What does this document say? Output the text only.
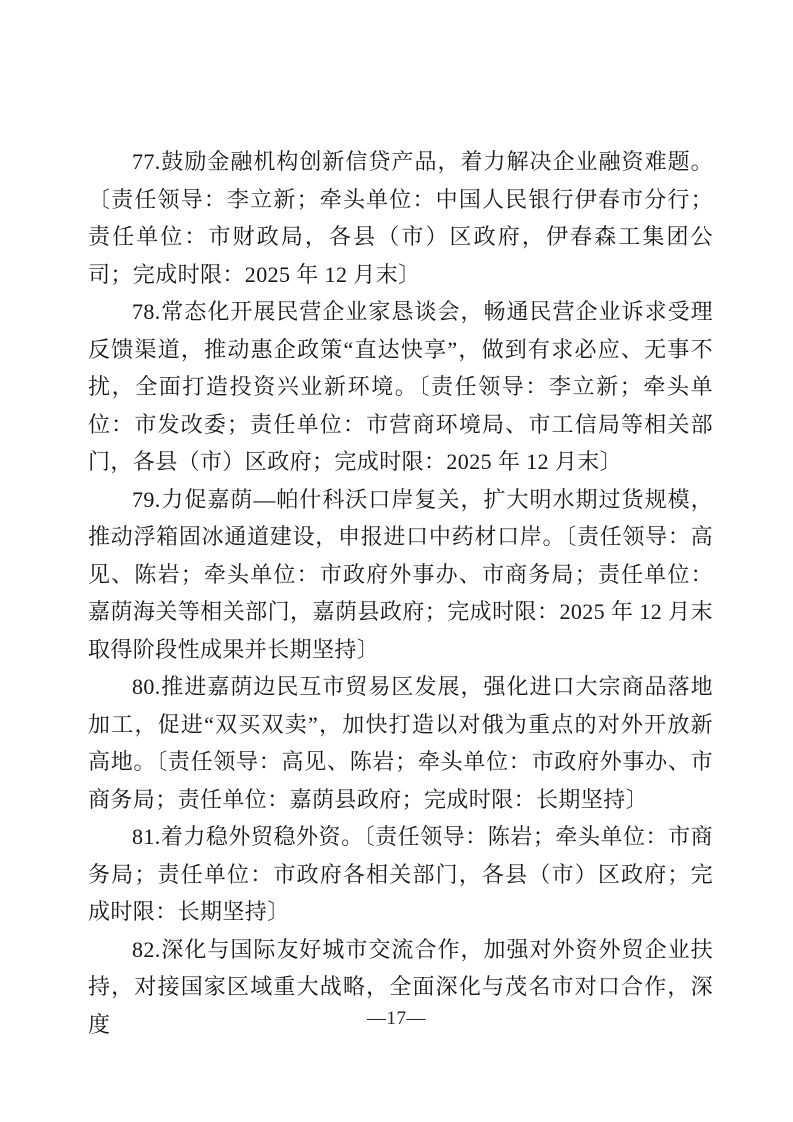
77.鼓励金融机构创新信贷产品，着力解决企业融资难题。〔责任领导：李立新；牵头单位：中国人民银行伊春市分行；责任单位：市财政局，各县（市）区政府，伊春森工集团公司；完成时限：2025 年 12 月末〕

78.常态化开展民营企业家恳谈会，畅通民营企业诉求受理反馈渠道，推动惠企政策“直达快享”，做到有求必应、无事不扰，全面打造投资兴业新环境。〔责任领导：李立新；牵头单位：市发改委；责任单位：市营商环境局、市工信局等相关部门，各县（市）区政府；完成时限：2025 年 12 月末〕

79.力促嘉荫—帕什科沃口岸复关，扩大明水期过货规模，推动浮箱固冰通道建设，申报进口中药材口岸。〔责任领导：高见、陈岩；牵头单位：市政府外事办、市商务局；责任单位：嘉荫海关等相关部门，嘉荫县政府；完成时限：2025 年 12 月末取得阶段性成果并长期坚持〕

80.推进嘉荫边民互市贸易区发展，强化进口大宗商品落地加工，促进“双买双卖”，加快打造以对俄为重点的对外开放新高地。〔责任领导：高见、陈岩；牵头单位：市政府外事办、市商务局；责任单位：嘉荫县政府；完成时限：长期坚持〕

81.着力稳外贸稳外资。〔责任领导：陈岩；牵头单位：市商务局；责任单位：市政府各相关部门，各县（市）区政府；完成时限：长期坚持〕

82.深化与国际友好城市交流合作，加强对外资外贸企业扶持，对接国家区域重大战略，全面深化与茂名市对口合作，深度	—17—
